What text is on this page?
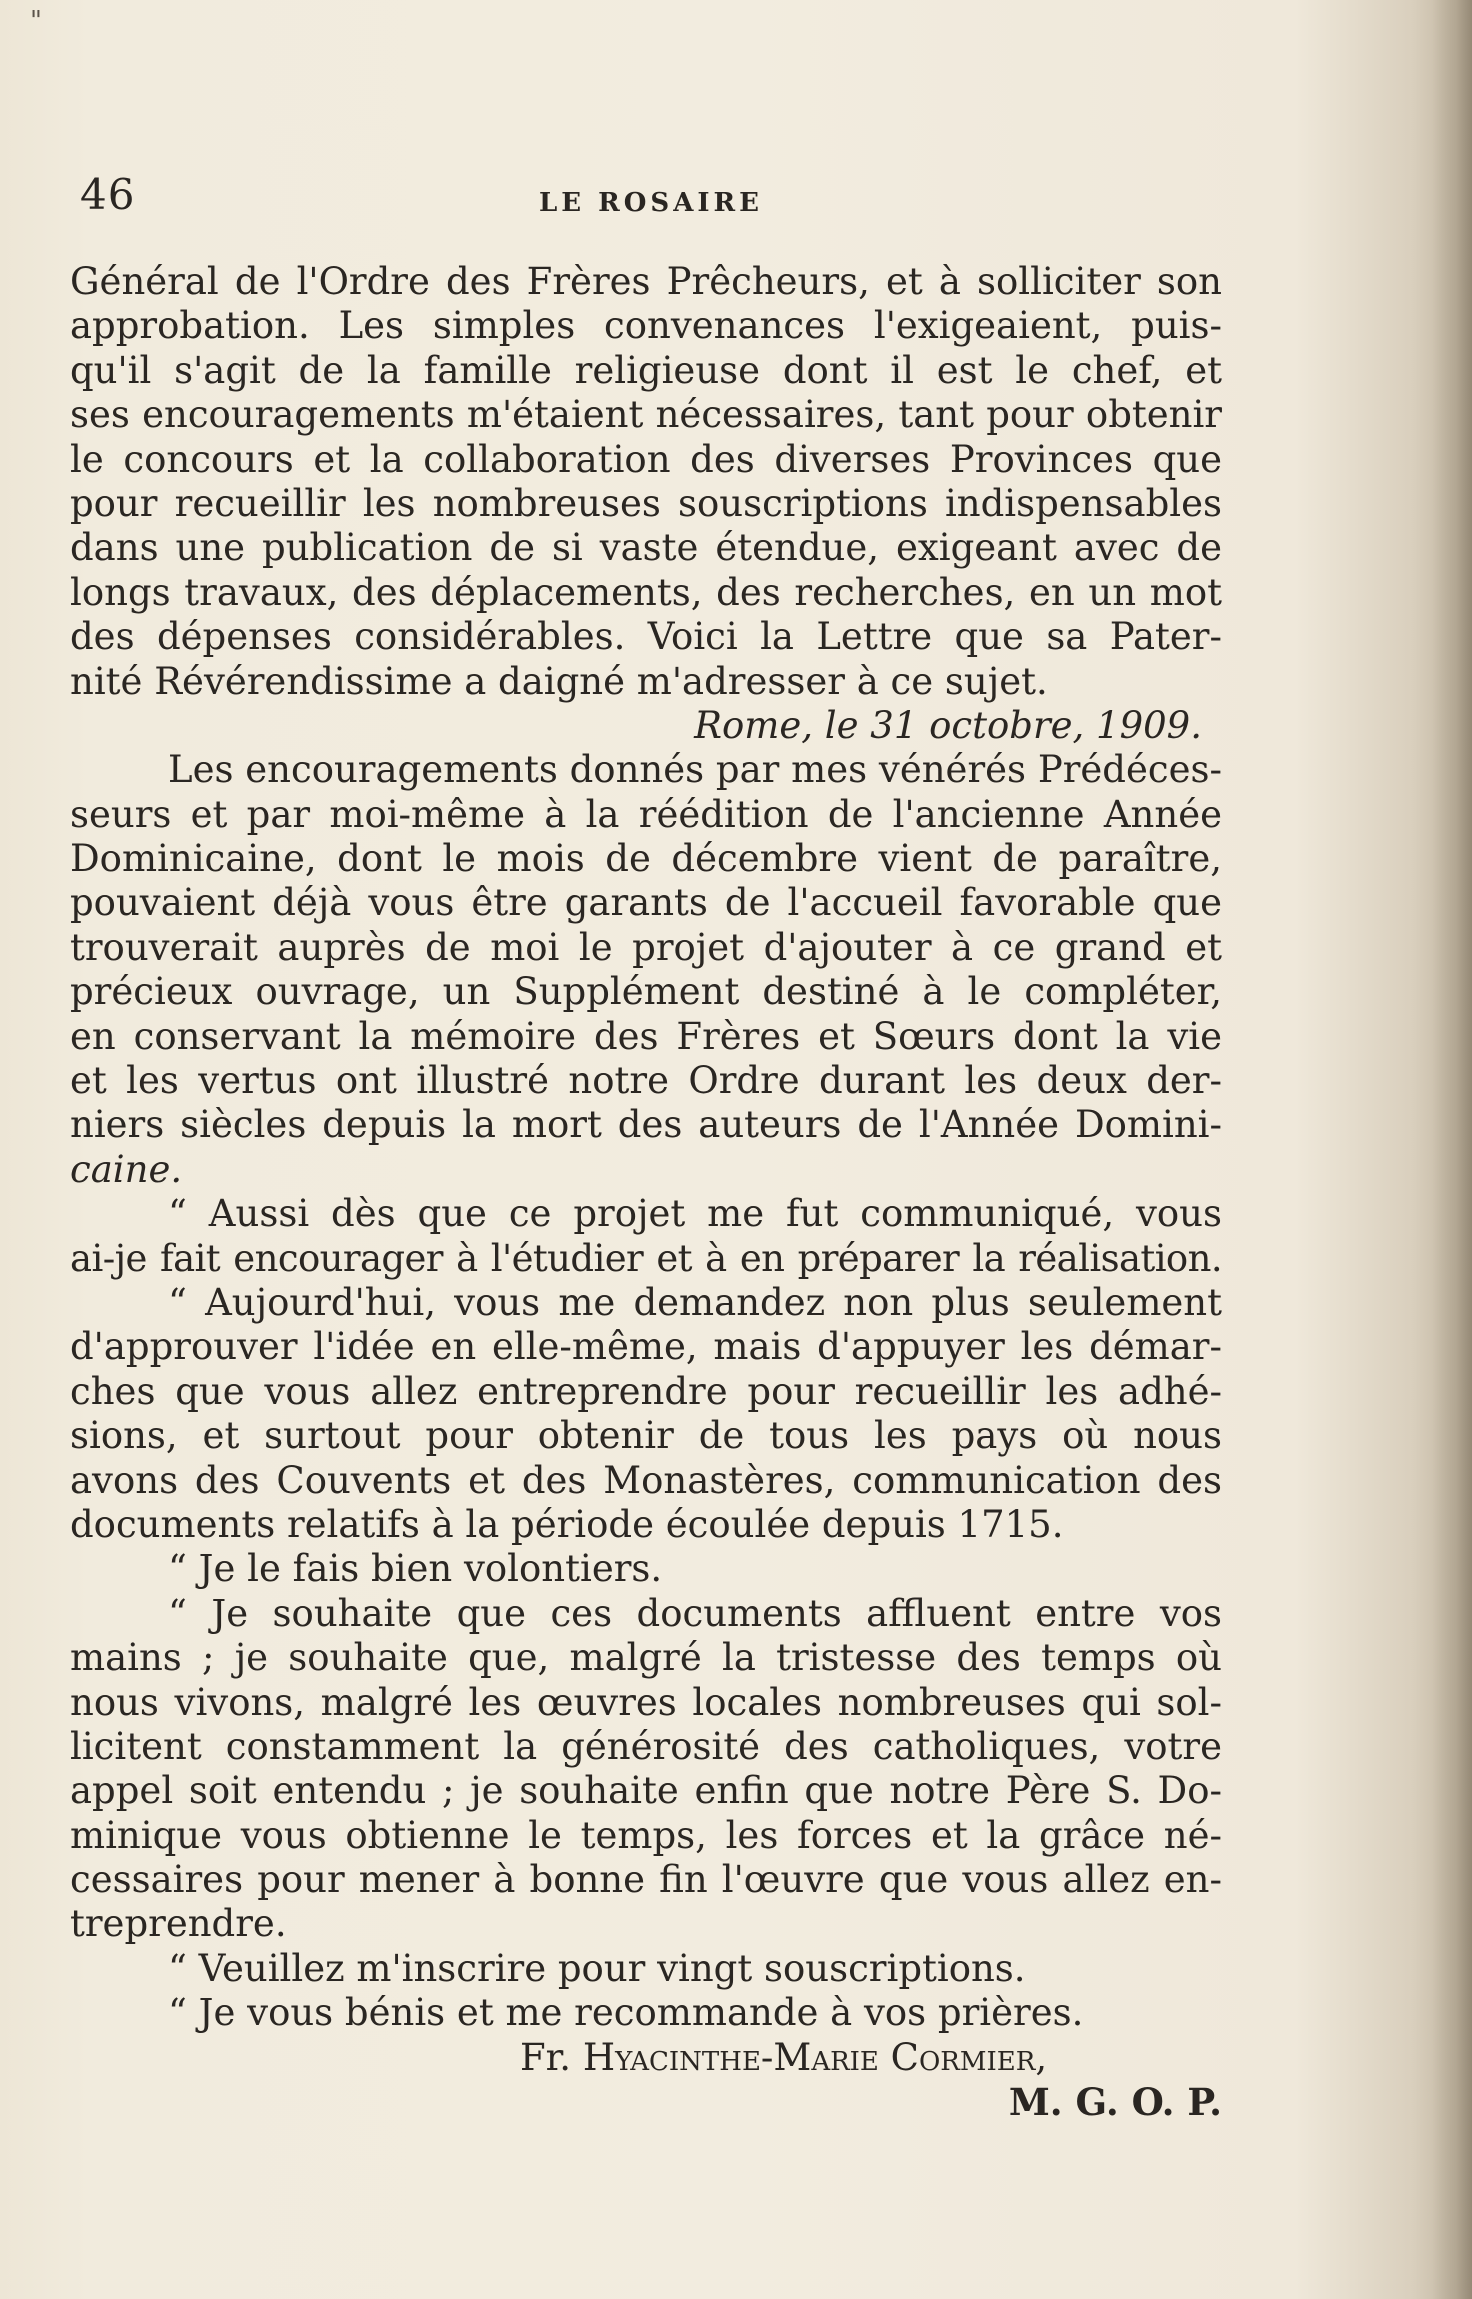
"
46	LE ROSAIRE
Général de l'Ordre des Frères Prêcheurs, et à solliciter son
approbation. Les simples convenances l'exigeaient, puis-
qu'il s'agit de la famille religieuse dont il est le chef, et
ses encouragements m'étaient nécessaires, tant pour obtenir
le concours et la collaboration des diverses Provinces que
pour recueillir les nombreuses souscriptions indispensables
dans une publication de si vaste étendue, exigeant avec de
longs travaux, des déplacements, des recherches, en un mot
des dépenses considérables. Voici la Lettre que sa Pater-
nité Révérendissime a daigné m'adresser à ce sujet.
Rome, le 31 octobre, 1909.
Les encouragements donnés par mes vénérés Prédéces-
seurs et par moi-même à la réédition de l'ancienne Année
Dominicaine, dont le mois de décembre vient de paraître,
pouvaient déjà vous être garants de l'accueil favorable que
trouverait auprès de moi le projet d'ajouter à ce grand et
précieux ouvrage, un Supplément destiné à le compléter,
en conservant la mémoire des Frères et Sœurs dont la vie
et les vertus ont illustré notre Ordre durant les deux der-
niers siècles depuis la mort des auteurs de l'Année Domini-
caine.
“ Aussi dès que ce projet me fut communiqué, vous
ai-je fait encourager à l'étudier et à en préparer la réalisation.
“ Aujourd'hui, vous me demandez non plus seulement
d'approuver l'idée en elle-même, mais d'appuyer les démar-
ches que vous allez entreprendre pour recueillir les adhé-
sions, et surtout pour obtenir de tous les pays où nous
avons des Couvents et des Monastères, communication des
documents relatifs à la période écoulée depuis 1715.
“ Je le fais bien volontiers.
“ Je souhaite que ces documents affluent entre vos
mains ; je souhaite que, malgré la tristesse des temps où
nous vivons, malgré les œuvres locales nombreuses qui sol-
licitent constamment la générosité des catholiques, votre
appel soit entendu ; je souhaite enfin que notre Père S. Do-
minique vous obtienne le temps, les forces et la grâce né-
cessaires pour mener à bonne fin l'œuvre que vous allez en-
treprendre.
“ Veuillez m'inscrire pour vingt souscriptions.
“ Je vous bénis et me recommande à vos prières.
Fr. Hyacinthe-Marie Cormier,
M. G. O. P.
